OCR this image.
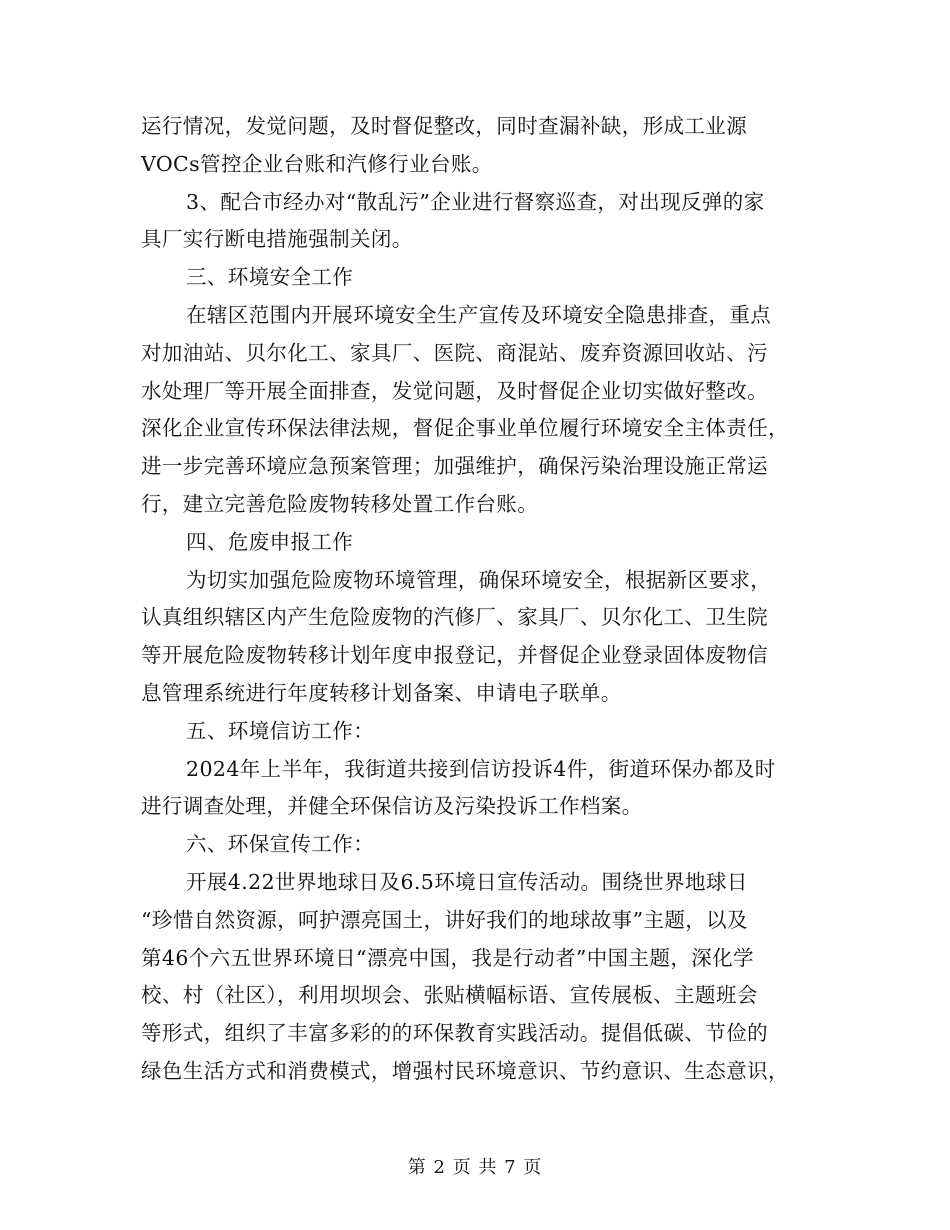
运行情况，发觉问题，及时督促整改，同时查漏补缺，形成工业源
VOCs管控企业台账和汽修行业台账。
3、配合市经办对“散乱污”企业进行督察巡查，对出现反弹的家
具厂实行断电措施强制关闭。
三、环境安全工作
在辖区范围内开展环境安全生产宣传及环境安全隐患排查，重点
对加油站、贝尔化工、家具厂、医院、商混站、废弃资源回收站、污
水处理厂等开展全面排查，发觉问题，及时督促企业切实做好整改。
深化企业宣传环保法律法规，督促企事业单位履行环境安全主体责任，
进一步完善环境应急预案管理；加强维护，确保污染治理设施正常运
行，建立完善危险废物转移处置工作台账。
四、危废申报工作
为切实加强危险废物环境管理，确保环境安全，根据新区要求，
认真组织辖区内产生危险废物的汽修厂、家具厂、贝尔化工、卫生院
等开展危险废物转移计划年度申报登记，并督促企业登录固体废物信
息管理系统进行年度转移计划备案、申请电子联单。
五、环境信访工作：
2024年上半年，我街道共接到信访投诉4件，街道环保办都及时
进行调查处理，并健全环保信访及污染投诉工作档案。
六、环保宣传工作：
开展4.22世界地球日及6.5环境日宣传活动。围绕世界地球日
“珍惜自然资源，呵护漂亮国土，讲好我们的地球故事”主题，以及
第46个六五世界环境日“漂亮中国，我是行动者”中国主题，深化学
校、村（社区），利用坝坝会、张贴横幅标语、宣传展板、主题班会
等形式，组织了丰富多彩的的环保教育实践活动。提倡低碳、节俭的
绿色生活方式和消费模式，增强村民环境意识、节约意识、生态意识，
第 2 页 共 7 页
